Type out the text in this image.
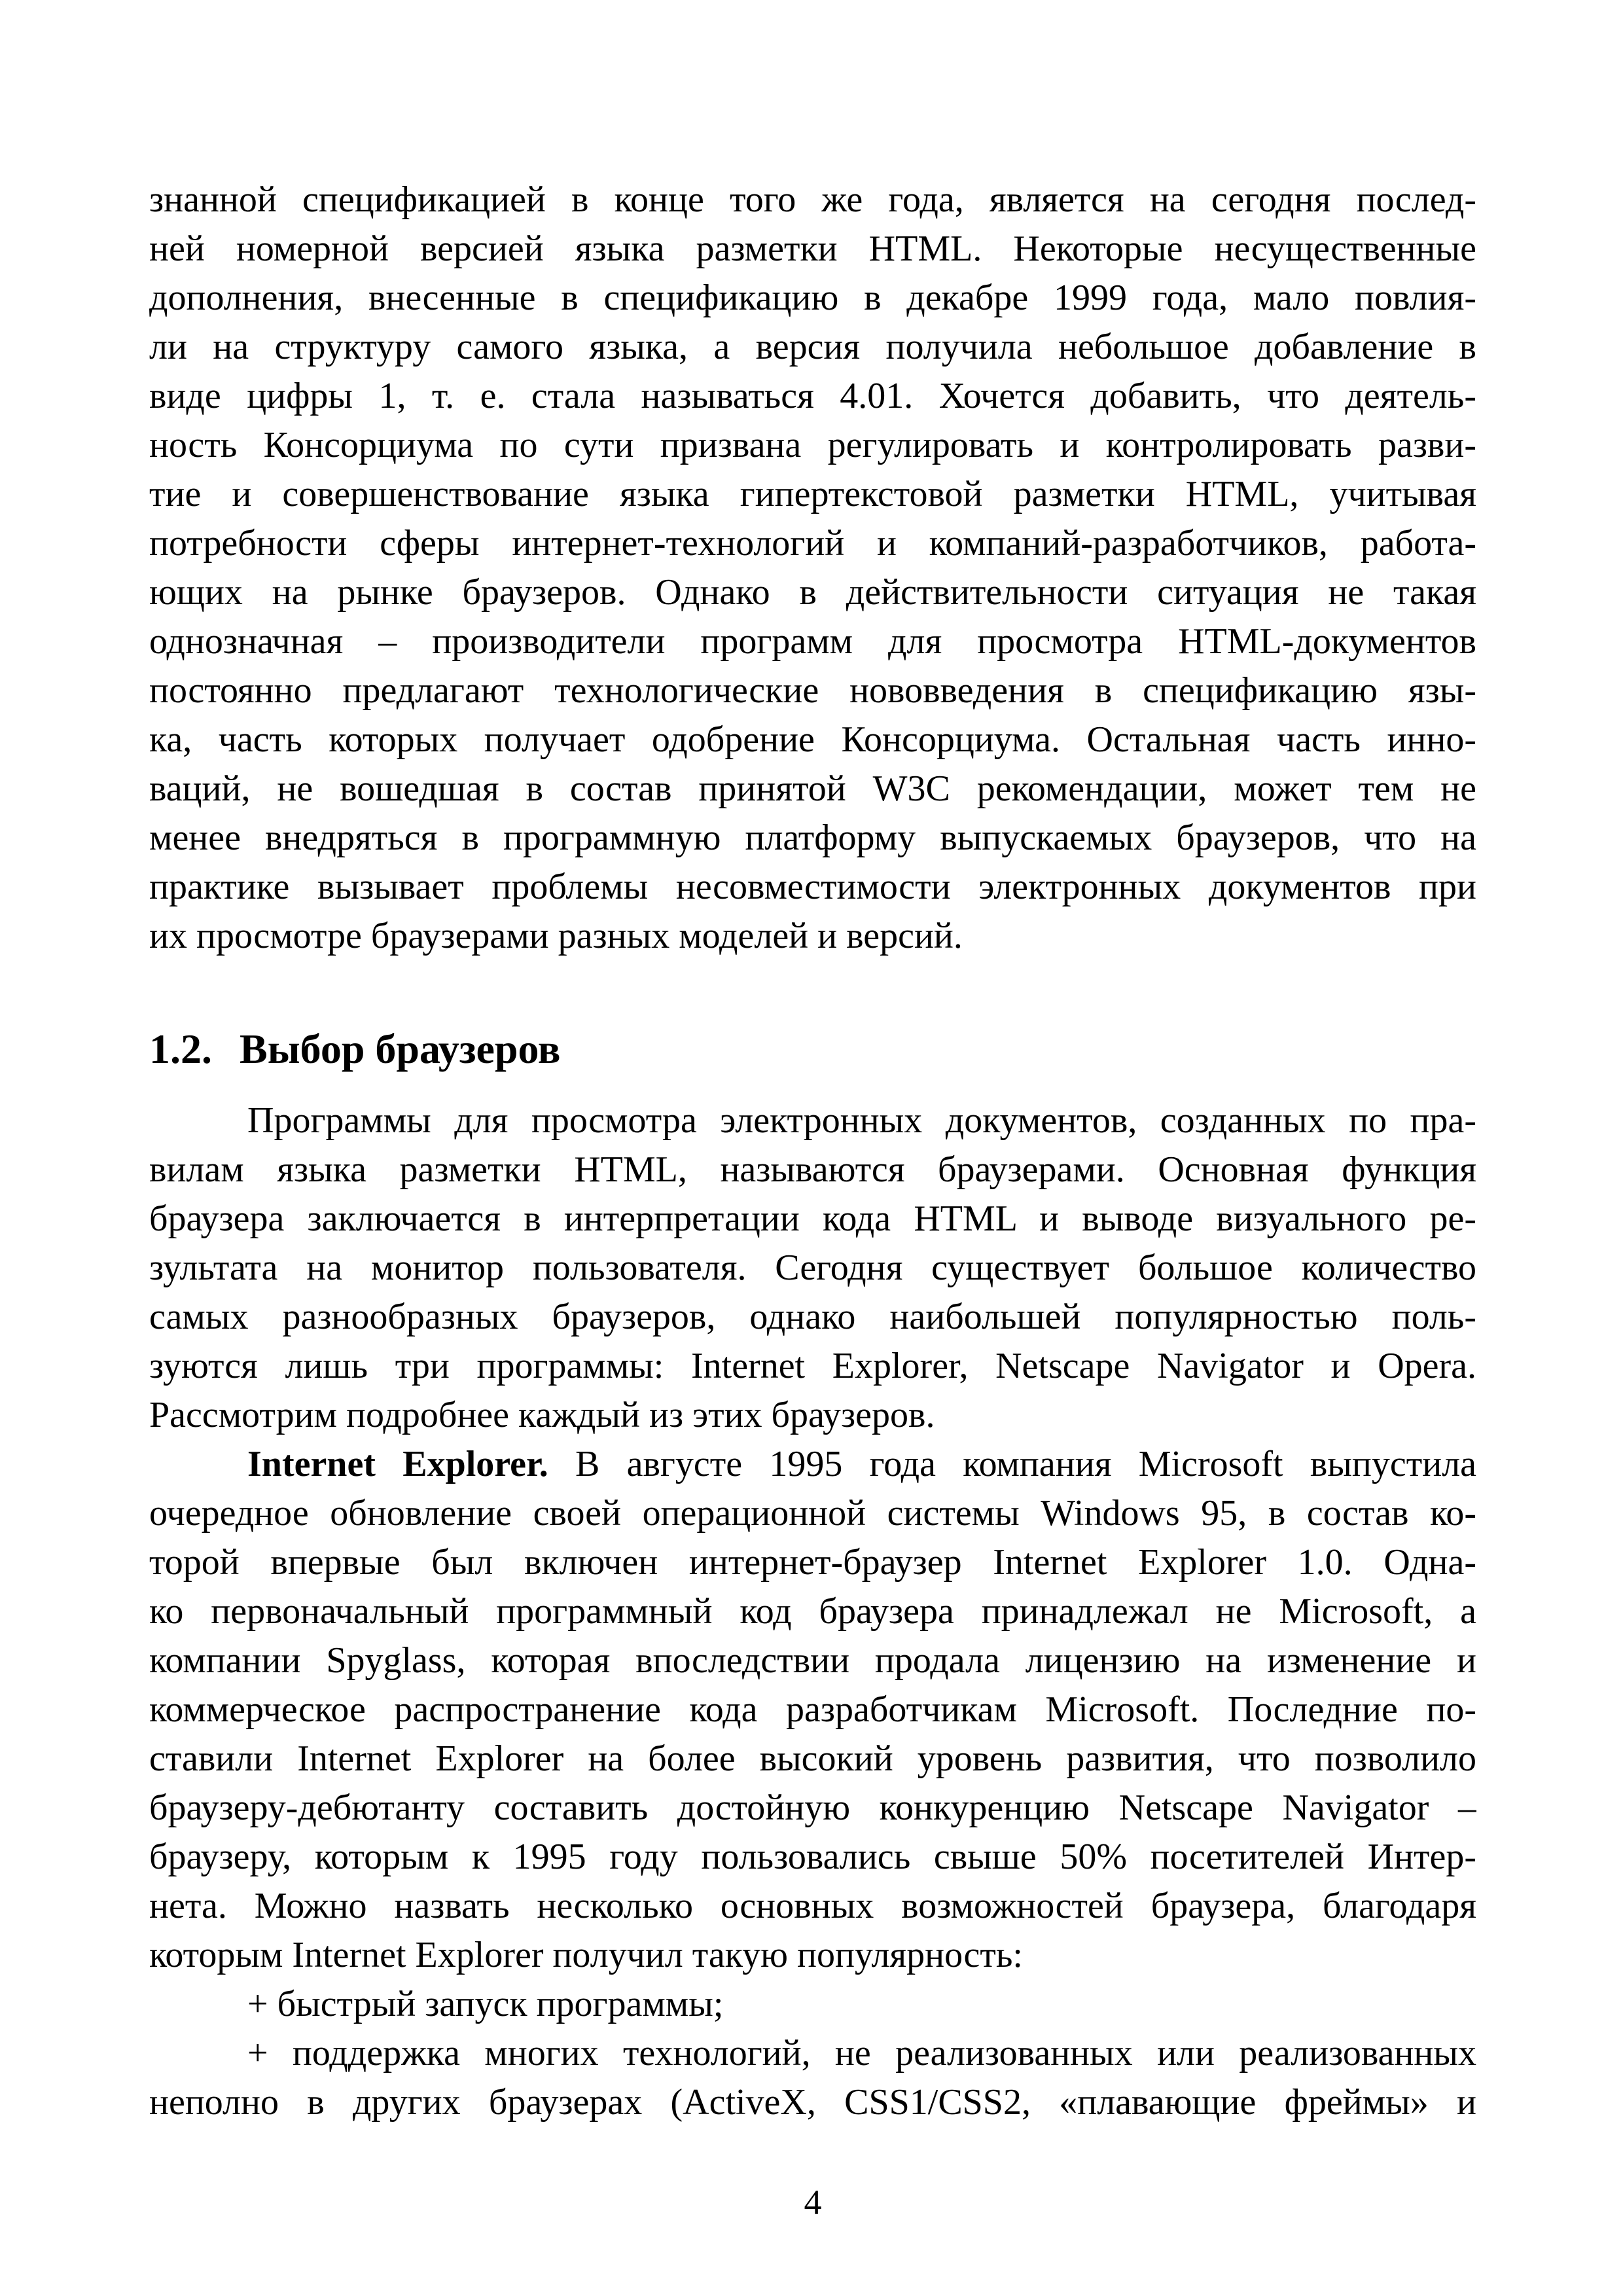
знанной спецификацией в конце того же года, является на сегодня послед-
ней номерной версией языка разметки HTML. Некоторые несущественные
дополнения, внесенные в спецификацию в декабре 1999 года, мало повлия-
ли на структуру самого языка, а версия получила небольшое добавление в
виде цифры 1, т. е. стала называться 4.01. Хочется добавить, что деятель-
ность Консорциума по сути призвана регулировать и контролировать разви-
тие и совершенствование языка гипертекстовой разметки HTML, учитывая
потребности сферы интернет-технологий и компаний-разработчиков, работа-
ющих на рынке браузеров. Однако в действительности ситуация не такая
однозначная – производители программ для просмотра HTML-документов
постоянно предлагают технологические нововведения в спецификацию язы-
ка, часть которых получает одобрение Консорциума. Остальная часть инно-
ваций, не вошедшая в состав принятой W3C рекомендации, может тем не
менее внедряться в программную платформу выпускаемых браузеров, что на
практике вызывает проблемы несовместимости электронных документов при
их просмотре браузерами разных моделей и версий.
1.2. Выбор браузеров
Программы для просмотра электронных документов, созданных по пра-
вилам языка разметки HTML, называются браузерами. Основная функция
браузера заключается в интерпретации кода HTML и выводе визуального ре-
зультата на монитор пользователя. Сегодня существует большое количество
самых разнообразных браузеров, однако наибольшей популярностью поль-
зуются лишь три программы: Internet Explorer, Netscape Navigator и Opera.
Рассмотрим подробнее каждый из этих браузеров.
Internet Explorer. В августе 1995 года компания Microsoft выпустила
очередное обновление своей операционной системы Windows 95, в состав ко-
торой впервые был включен интернет-браузер Internet Explorer 1.0. Одна-
ко первоначальный программный код браузера принадлежал не Microsoft, а
компании Spyglass, которая впоследствии продала лицензию на изменение и
коммерческое распространение кода разработчикам Microsoft. Последние по-
ставили Internet Explorer на более высокий уровень развития, что позволило
браузеру-дебютанту составить достойную конкуренцию Netscape Navigator –
браузеру, которым к 1995 году пользовались свыше 50% посетителей Интер-
нета. Можно назвать несколько основных возможностей браузера, благодаря
которым Internet Explorer получил такую популярность:
+ быстрый запуск программы;
+ поддержка многих технологий, не реализованных или реализованных
неполно в других браузерах (ActiveX, CSS1/CSS2, «плавающие фреймы» и
4
